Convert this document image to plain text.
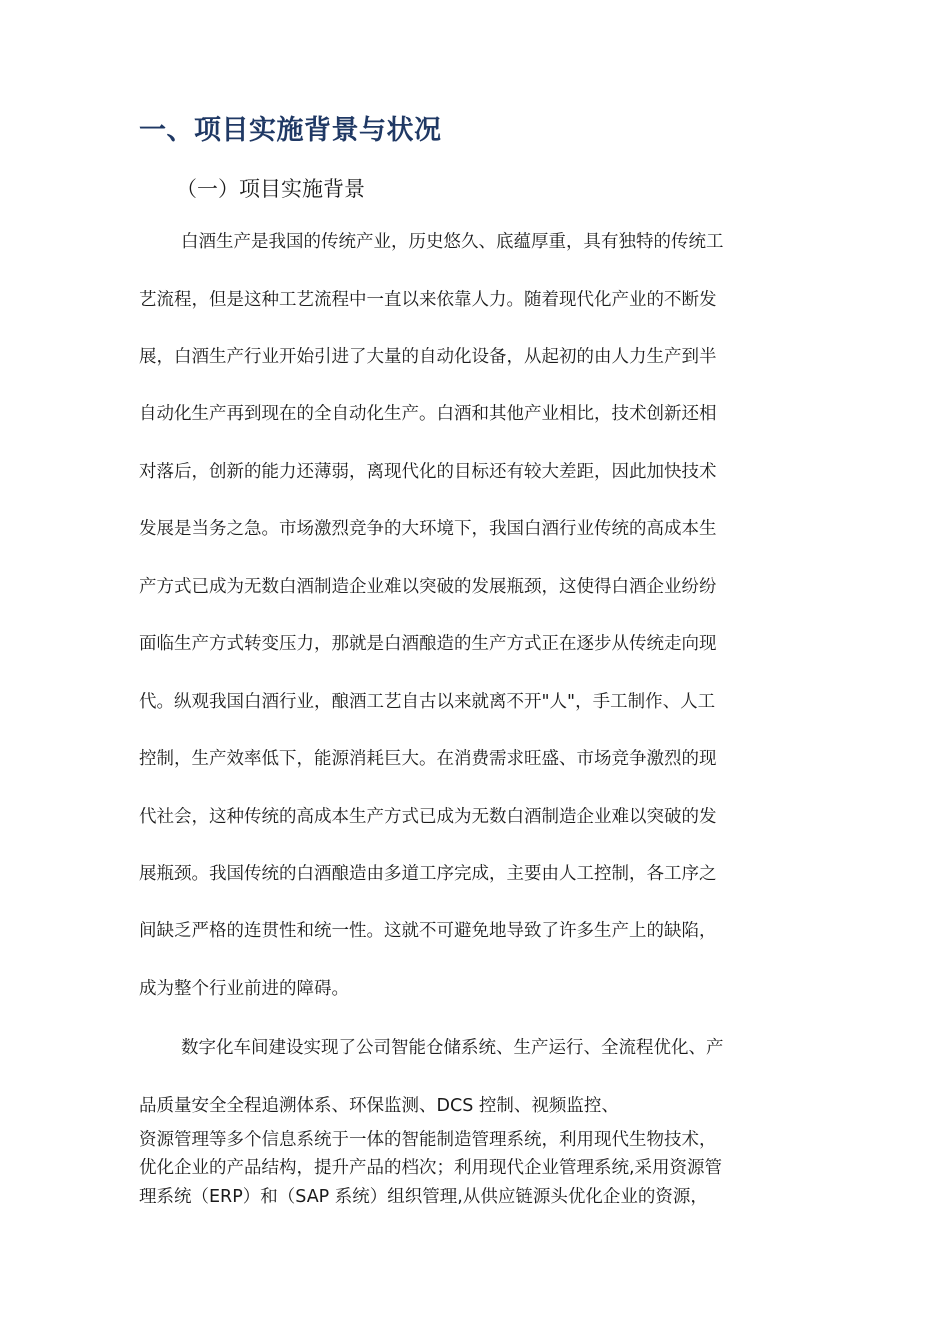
一、项目实施背景与状况
（一）项目实施背景
白酒生产是我国的传统产业，历史悠久、底蕴厚重，具有独特的传统工
艺流程，但是这种工艺流程中一直以来依靠人力。随着现代化产业的不断发
展，白酒生产行业开始引进了大量的自动化设备，从起初的由人力生产到半
自动化生产再到现在的全自动化生产。白酒和其他产业相比，技术创新还相
对落后，创新的能力还薄弱，离现代化的目标还有较大差距，因此加快技术
发展是当务之急。市场激烈竞争的大环境下，我国白酒行业传统的高成本生
产方式已成为无数白酒制造企业难以突破的发展瓶颈，这使得白酒企业纷纷
面临生产方式转变压力，那就是白酒酿造的生产方式正在逐步从传统走向现
代。纵观我国白酒行业，酿酒工艺自古以来就离不开"人"，手工制作、人工
控制，生产效率低下，能源消耗巨大。在消费需求旺盛、市场竞争激烈的现
代社会，这种传统的高成本生产方式已成为无数白酒制造企业难以突破的发
展瓶颈。我国传统的白酒酿造由多道工序完成，主要由人工控制，各工序之
间缺乏严格的连贯性和统一性。这就不可避免地导致了许多生产上的缺陷，
成为整个行业前进的障碍。
数字化车间建设实现了公司智能仓储系统、生产运行、全流程优化、产
品质量安全全程追溯体系、环保监测、DCS 控制、视频监控、
资源管理等多个信息系统于一体的智能制造管理系统，利用现代生物技术，
优化企业的产品结构，提升产品的档次；利用现代企业管理系统,采用资源管
理系统（ERP）和（SAP 系统）组织管理,从供应链源头优化企业的资源，
